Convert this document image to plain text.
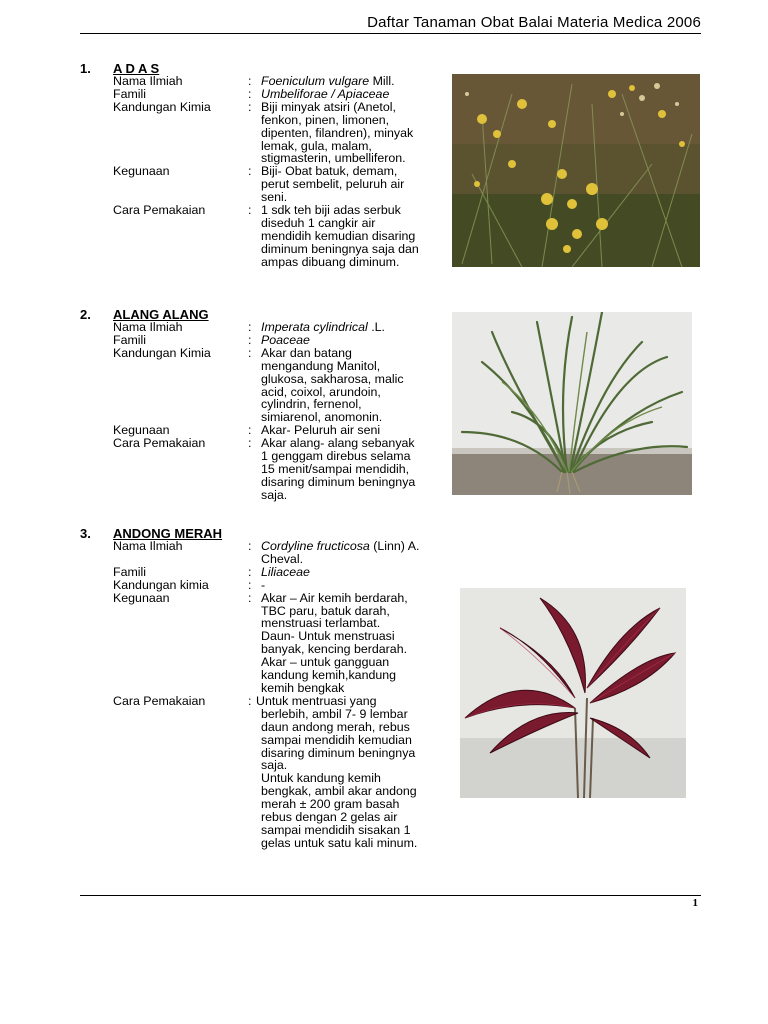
Daftar Tanaman Obat Balai Materia Medica 2006
1. A D A S
Nama Ilmiah	: Foeniculum vulgare Mill.
Famili	: Umbeliforae / Apiaceae
Kandungan Kimia	: Biji minyak atsiri (Anetol,
fenkon, pinen, limonen,
dipenten, filandren), minyak
lemak, gula, malam,
stigmasterin, umbelliferon.
Kegunaan	: Biji- Obat batuk, demam,
perut sembelit, peluruh air
seni.
Cara Pemakaian	: 1 sdk teh biji adas serbuk
diseduh 1 cangkir air
mendidih kemudian disaring
diminum beningnya saja dan
ampas dibuang diminum.
2. ALANG ALANG
Nama Ilmiah	: Imperata cylindrical .L.
Famili	: Poaceae
Kandungan Kimia	: Akar dan batang
mengandung Manitol,
glukosa, sakharosa, malic
acid, coixol, arundoin,
cylindrin, fernenol,
simiarenol, anomonin.
Kegunaan	: Akar- Peluruh air seni
Cara Pemakaian	: Akar alang- alang sebanyak
1 genggam direbus selama
15 menit/sampai mendidih,
disaring diminum beningnya
saja.
3. ANDONG MERAH
Nama Ilmiah	: Cordyline fructicosa (Linn) A.
Cheval.
Famili	: Liliaceae
Kandungan kimia	: -
Kegunaan	: Akar – Air kemih berdarah,
TBC paru, batuk darah,
menstruasi terlambat.
Daun- Untuk menstruasi
banyak, kencing berdarah.
Akar – untuk gangguan
kandung kemih,kandung
kemih bengkak
Cara Pemakaian	: Untuk mentruasi yang
berlebih, ambil 7- 9 lembar
daun andong merah, rebus
sampai mendidih kemudian
disaring diminum beningnya
saja.
Untuk kandung kemih
bengkak, ambil akar andong
merah ± 200 gram basah
rebus dengan 2 gelas air
sampai mendidih sisakan 1
gelas untuk satu kali minum.
1
